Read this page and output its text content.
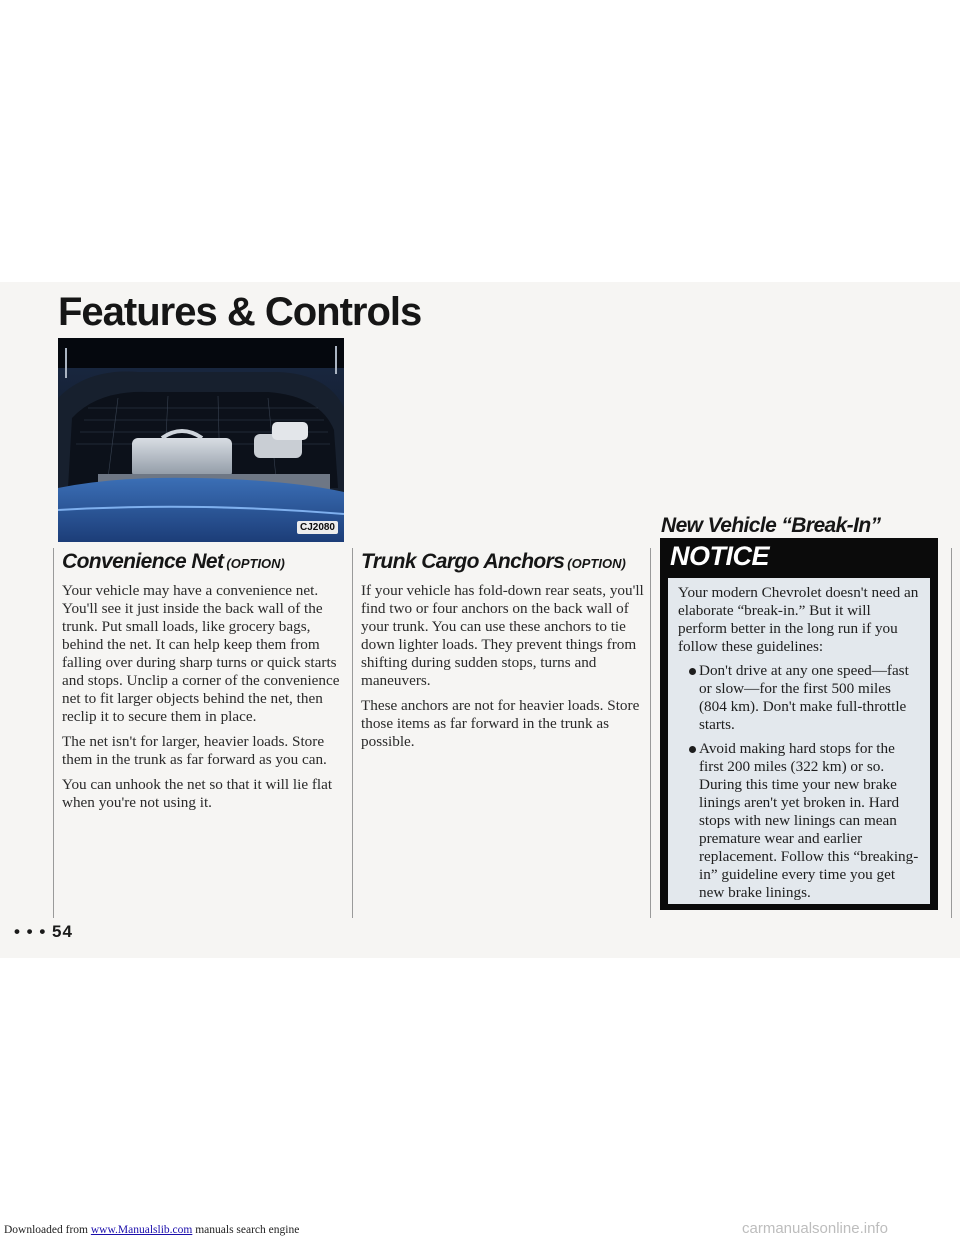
Features & Controls
CJ2080
Convenience Net (OPTION)

Your vehicle may have a convenience net. You'll see it just inside the back wall of the trunk. Put small loads, like grocery bags, behind the net. It can help keep them from falling over during sharp turns or quick starts and stops. Unclip a corner of the convenience net to fit larger objects behind the net, then reclip it to secure them in place.

The net isn't for larger, heavier loads. Store them in the trunk as far forward as you can.

You can unhook the net so that it will lie flat when you're not using it.

Trunk Cargo Anchors (OPTION)

If your vehicle has fold-down rear seats, you'll find two or four anchors on the back wall of your trunk. You can use these anchors to tie down lighter loads. They prevent things from shifting during sudden stops, turns and maneuvers.

These anchors are not for heavier loads. Store those items as far forward in the trunk as possible.

New Vehicle “Break-In”
NOTICE

Your modern Chevrolet doesn't need an elaborate “break-in.” But it will perform better in the long run if you follow these guidelines:

Don't drive at any one speed—fast or slow—for the first 500 miles (804 km). Don't make full-throttle starts.
Avoid making hard stops for the first 200 miles (322 km) or so. During this time your new brake linings aren't yet broken in. Hard stops with new linings can mean premature wear and earlier replacement. Follow this “breaking-in” guideline every time you get new brake linings.
• • • 54
Downloaded from www.Manualslib.com manuals search engine	carmanualsonline.info
